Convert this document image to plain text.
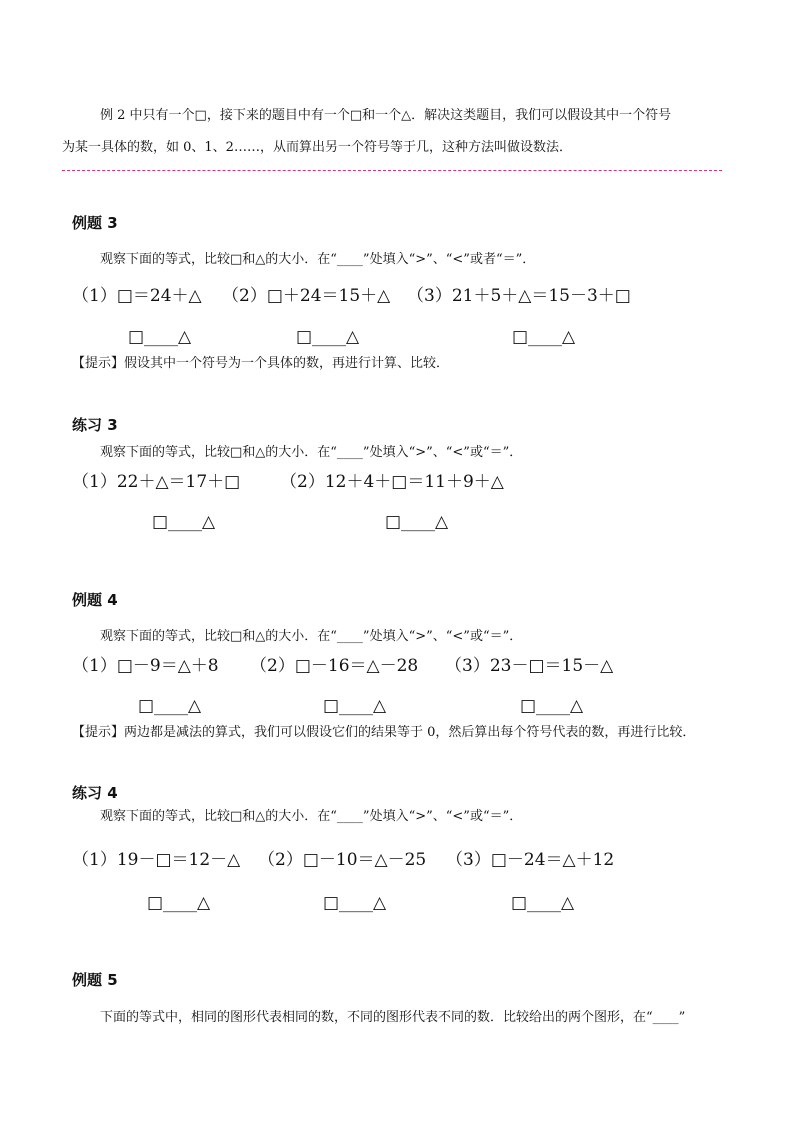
例 2 中只有一个□，接下来的题目中有一个□和一个△．解决这类题目，我们可以假设其中一个符号
为某一具体的数，如 0、1、2……，从而算出另一个符号等于几，这种方法叫做设数法．
例题 3
观察下面的等式，比较□和△的大小．在“____”处填入“>”、“<”或者“＝”．
（1）□＝24＋△ （2）□＋24＝15＋△ （3）21＋5＋△＝15－3＋□
□____△	□____△	□____△
【提示】假设其中一个符号为一个具体的数，再进行计算、比较．
练习 3
观察下面的等式，比较□和△的大小．在“____”处填入“>”、“<”或“＝”．
（1）22＋△＝17＋□ （2）12＋4＋□＝11＋9＋△
□____△	□____△
例题 4
观察下面的等式，比较□和△的大小．在“____”处填入“>”、“<”或“＝”．
（1）□－9＝△＋8 （2）□－16＝△－28 （3）23－□＝15－△
□____△	□____△	□____△
【提示】两边都是减法的算式，我们可以假设它们的结果等于 0，然后算出每个符号代表的数，再进行比较．
练习 4
观察下面的等式，比较□和△的大小．在“____”处填入“>”、“<”或“＝”．
（1）19－□＝12－△ （2）□－10＝△－25 （3）□－24＝△＋12
□____△	□____△	□____△
例题 5
下面的等式中，相同的图形代表相同的数，不同的图形代表不同的数．比较给出的两个图形，在“____”
